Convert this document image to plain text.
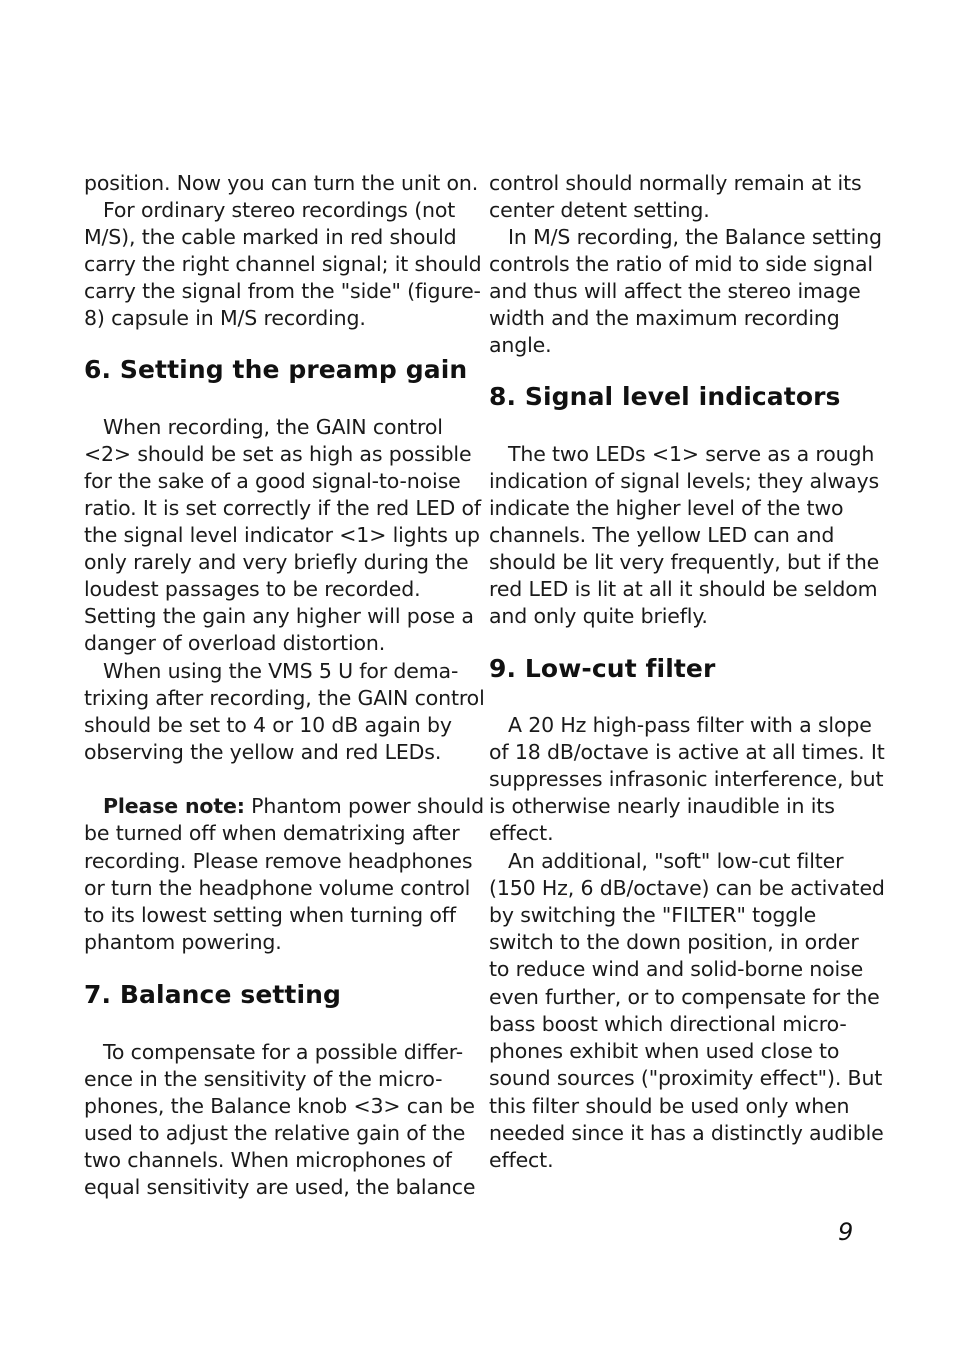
position. Now you can turn the unit on.
For ordinary stereo recordings (not
M/S), the cable marked in red should
carry the right channel signal; it should
carry the signal from the "side" (figure-
8) capsule in M/S recording.
6. Setting the preamp gain
When recording, the GAIN control
<2> should be set as high as possible
for the sake of a good signal-to-noise
ratio. It is set correctly if the red LED of
the signal level indicator <1> lights up
only rarely and very briefly during the
loudest passages to be recorded.
Setting the gain any higher will pose a
danger of overload distortion.
When using the VMS 5 U for dema-
trixing after recording, the GAIN control
should be set to 4 or 10 dB again by
observing the yellow and red LEDs.
Please note: Phantom power should
be turned off when dematrixing after
recording. Please remove headphones
or turn the headphone volume control
to its lowest setting when turning off
phantom powering.
7. Balance setting
To compensate for a possible differ-
ence in the sensitivity of the micro-
phones, the Balance knob <3> can be
used to adjust the relative gain of the
two channels. When microphones of
equal sensitivity are used, the balance
control should normally remain at its
center detent setting.
In M/S recording, the Balance setting
controls the ratio of mid to side signal
and thus will affect the stereo image
width and the maximum recording
angle.
8. Signal level indicators
The two LEDs <1> serve as a rough
indication of signal levels; they always
indicate the higher level of the two
channels. The yellow LED can and
should be lit very frequently, but if the
red LED is lit at all it should be seldom
and only quite briefly.
9. Low-cut filter
A 20 Hz high-pass filter with a slope
of 18 dB/octave is active at all times. It
suppresses infrasonic interference, but
is otherwise nearly inaudible in its
effect.
An additional, "soft" low-cut filter
(150 Hz, 6 dB/octave) can be activated
by switching the "FILTER" toggle
switch to the down position, in order
to reduce wind and solid-borne noise
even further, or to compensate for the
bass boost which directional micro-
phones exhibit when used close to
sound sources ("proximity effect"). But
this filter should be used only when
needed since it has a distinctly audible
effect.
9
